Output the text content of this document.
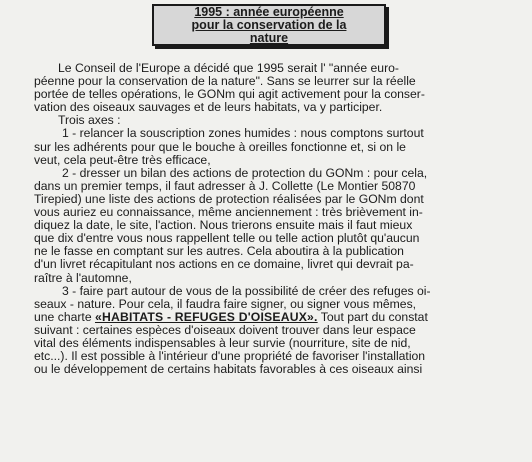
1995 : année européenne
pour la conservation de la
nature
Le Conseil de l'Europe a décidé que 1995 serait l' "année euro-
péenne pour la conservation de la nature". Sans se leurrer sur la réelle
portée de telles opérations, le GONm qui agit activement pour la conser-
vation des oiseaux sauvages et de leurs habitats, va y participer.
Trois axes :
1 - relancer la souscription zones humides : nous comptons surtout
sur les adhérents pour que le bouche à oreilles fonctionne et, si on le
veut, cela peut-être très efficace,
2 - dresser un bilan des actions de protection du GONm : pour cela,
dans un premier temps, il faut adresser à J. Collette (Le Montier 50870
Tirepied) une liste des actions de protection réalisées par le GONm dont
vous auriez eu connaissance, même anciennement : très brièvement in-
diquez la date, le site, l'action. Nous trierons ensuite mais il faut mieux
que dix d'entre vous nous rappellent telle ou telle action plutôt qu'aucun
ne le fasse en comptant sur les autres. Cela aboutira à la publication
d'un livret récapitulant nos actions en ce domaine, livret qui devrait pa-
raître à l'automne,
3 - faire part autour de vous de la possibilité de créer des refuges oi-
seaux - nature. Pour cela, il faudra faire signer, ou signer vous mêmes,
une charte «HABITATS - REFUGES D'OISEAUX». Tout part du constat
suivant : certaines espèces d'oiseaux doivent trouver dans leur espace
vital des éléments indispensables à leur survie (nourriture, site de nid,
etc...). Il est possible à l'intérieur d'une propriété de favoriser l'installation
ou le développement de certains habitats favorables à ces oiseaux ainsi
